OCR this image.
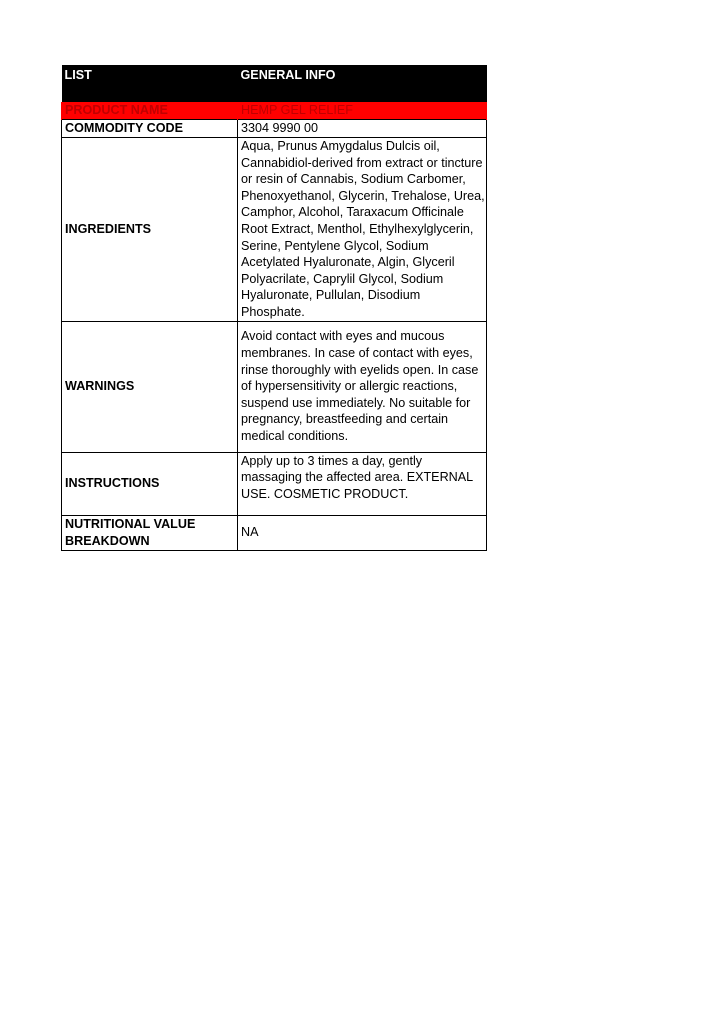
LIST	GENERAL INFO
PRODUCT NAME	HEMP GEL RELIEF
COMMODITY CODE	3304 9990 00
INGREDIENTS	Aqua, Prunus Amygdalus Dulcis oil, Cannabidiol-derived from extract or tincture or resin of Cannabis, Sodium Carbomer, Phenoxyethanol, Glycerin, Trehalose, Urea, Camphor, Alcohol, Taraxacum Officinale Root Extract, Menthol, Ethylhexylglycerin, Serine, Pentylene Glycol, Sodium Acetylated Hyaluronate, Algin, Glyceril Polyacrilate, Caprylil Glycol, Sodium Hyaluronate, Pullulan, Disodium Phosphate.
WARNINGS	Avoid contact with eyes and mucous membranes. In case of contact with eyes, rinse thoroughly with eyelids open. In case of hypersensitivity or allergic reactions, suspend use immediately. No suitable for pregnancy, breastfeeding and certain medical conditions.
INSTRUCTIONS	Apply up to 3 times a day, gently massaging the affected area. EXTERNAL USE. COSMETIC PRODUCT.
NUTRITIONAL VALUE BREAKDOWN	NA
